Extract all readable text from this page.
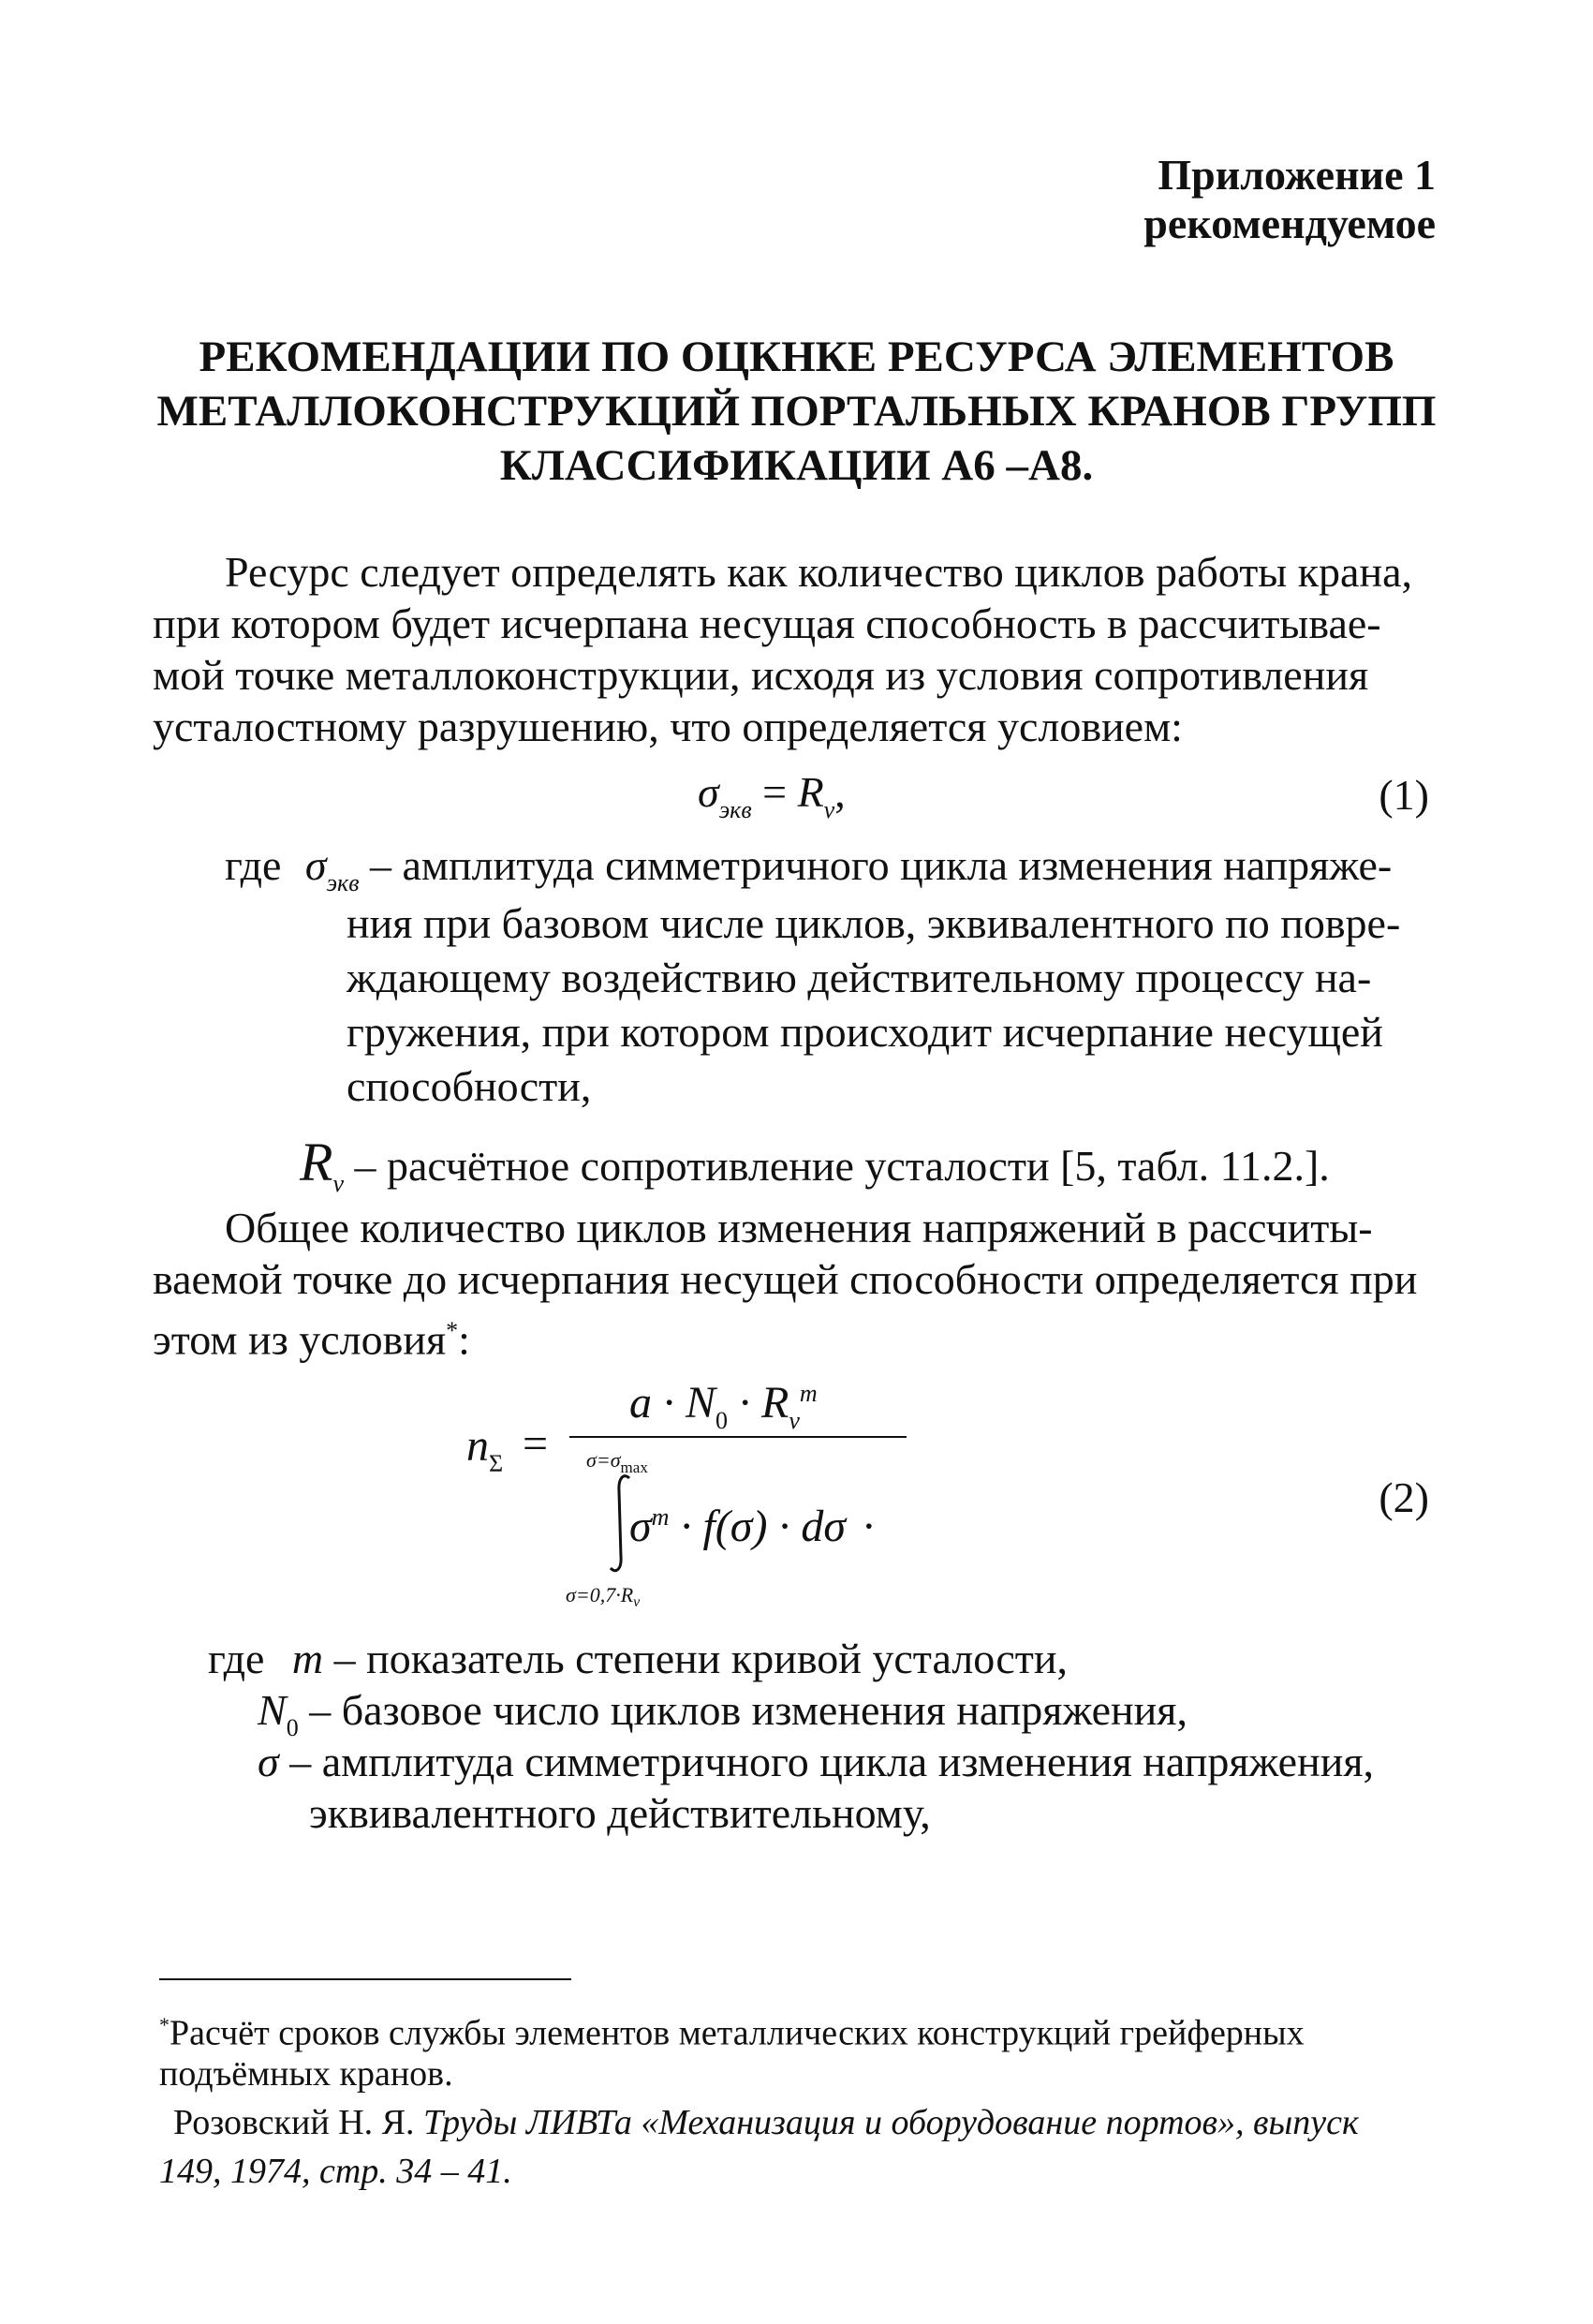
Приложение 1
рекомендуемое
РЕКОМЕНДАЦИИ ПО ОЦКНКЕ РЕСУРСА ЭЛЕМЕНТОВ
МЕТАЛЛОКОНСТРУКЦИЙ ПОРТАЛЬНЫХ КРАНОВ ГРУПП
КЛАССИФИКАЦИИ А6 –А8.
Ресурс следует определять как количество циклов работы крана,
при котором будет исчерпана несущая способность в рассчитывае-
мой точке металлоконструкции, исходя из условия сопротивления
усталостному разрушению, что определяется условием:
$\sigma_{экв} = R_v$,	(1)
где $\sigma_{экв}$ – амплитуда симметричного цикла изменения напряже-
ния при базовом числе циклов, эквивалентного по повре-
ждающему воздействию действительному процессу на-
гружения, при котором происходит исчерпание несущей
способности,
$R_v$ – расчётное сопротивление усталости [5, табл. 11.2.].
Общее количество циклов изменения напряжений в рассчиты-
ваемой точке до исчерпания несущей способности определяется при
этом из условия*:
$n_\Sigma$ =
$a \cdot N_0 \cdot R_v^m$
$\sigma=\sigma_{max}$
$\sigma^m \cdot f(\sigma) \cdot d\sigma$ ·
$\sigma=0,7\cdot R_v$
(2)
где m – показатель степени кривой усталости,
$N_0$ – базовое число циклов изменения напряжения,
σ – амплитуда симметричного цикла изменения напряжения,
эквивалентного действительному,
*Расчёт сроков службы элементов металлических конструкций грейферных
подъёмных кранов.
Розовский Н. Я. Труды ЛИВТа «Механизация и оборудование портов», выпуск
149, 1974, стр. 34 – 41.
